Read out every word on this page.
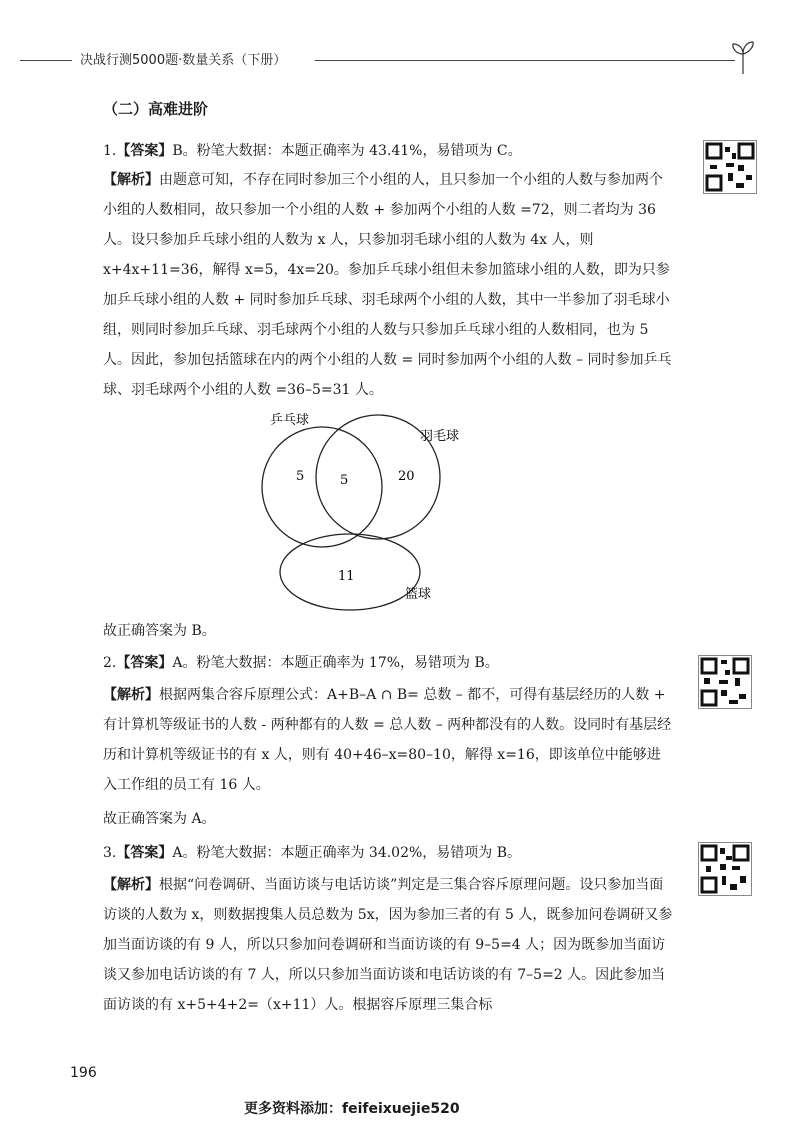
决战行测5000题·数量关系（下册）
（二）高难进阶
1.【答案】B。粉笔大数据：本题正确率为 43.41%，易错项为 C。

【解析】由题意可知，不存在同时参加三个小组的人，且只参加一个小组的人数与参加两个小组的人数相同，故只参加一个小组的人数 + 参加两个小组的人数 =72，则二者均为 36 人。设只参加乒乓球小组的人数为 x 人，只参加羽毛球小组的人数为 4x 人，则 x+4x+11=36，解得 x=5，4x=20。参加乒乓球小组但未参加篮球小组的人数，即为只参加乒乓球小组的人数 + 同时参加乒乓球、羽毛球两个小组的人数，其中一半参加了羽毛球小组，则同时参加乒乓球、羽毛球两个小组的人数与只参加乒乓球小组的人数相同，也为 5 人。因此，参加包括篮球在内的两个小组的人数 = 同时参加两个小组的人数 – 同时参加乒乓球、羽毛球两个小组的人数 =36–5=31 人。

乒乓球
羽毛球
篮球
5	5	20
11
故正确答案为 B。
2.【答案】A。粉笔大数据：本题正确率为 17%，易错项为 B。

【解析】根据两集合容斥原理公式：A+B–A ∩ B= 总数 – 都不，可得有基层经历的人数 + 有计算机等级证书的人数 - 两种都有的人数 = 总人数 – 两种都没有的人数。设同时有基层经历和计算机等级证书的有 x 人，则有 40+46–x=80–10，解得 x=16，即该单位中能够进入工作组的员工有 16 人。

故正确答案为 A。
3.【答案】A。粉笔大数据：本题正确率为 34.02%，易错项为 B。

【解析】根据“问卷调研、当面访谈与电话访谈”判定是三集合容斥原理问题。设只参加当面访谈的人数为 x，则数据搜集人员总数为 5x，因为参加三者的有 5 人，既参加问卷调研又参加当面访谈的有 9 人，所以只参加问卷调研和当面访谈的有 9–5=4 人；因为既参加当面访谈又参加电话访谈的有 7 人，所以只参加当面访谈和电话访谈的有 7–5=2 人。因此参加当面访谈的有 x+5+4+2=（x+11）人。根据容斥原理三集合标

196
更多资料添加：feifeixuejie520
